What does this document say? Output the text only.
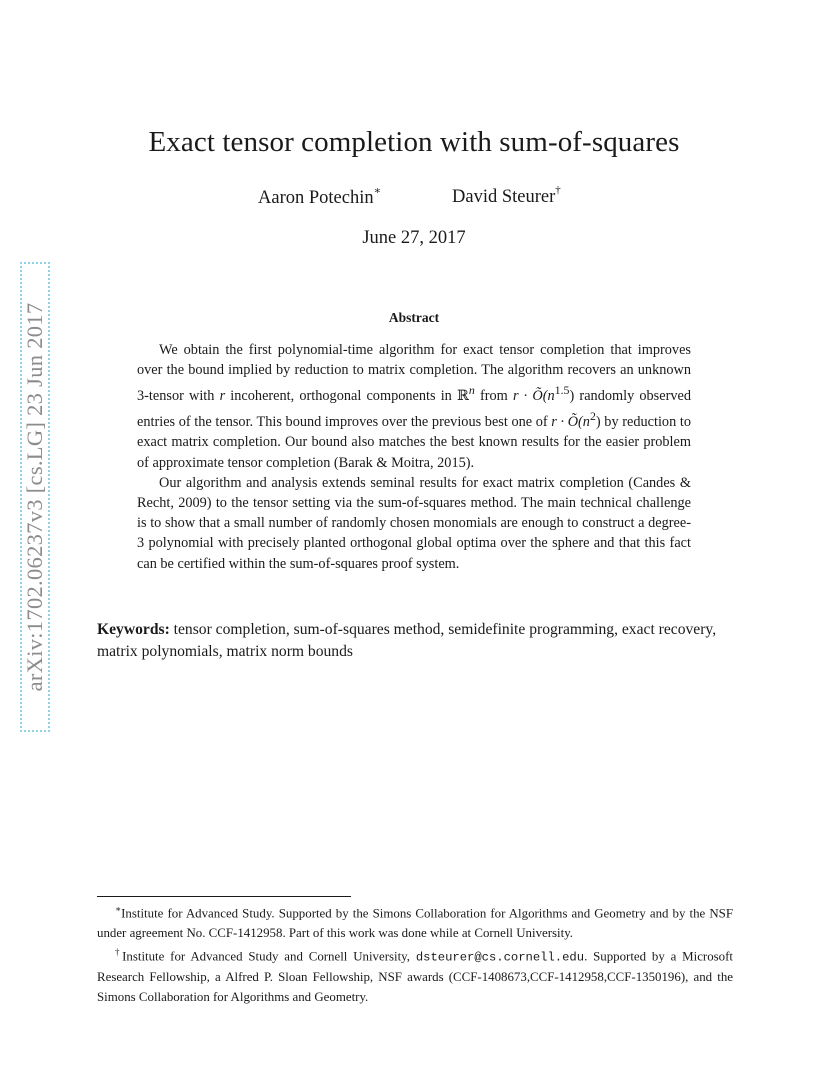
arXiv:1702.06237v3 [cs.LG] 23 Jun 2017
Exact tensor completion with sum-of-squares
Aaron Potechin∗	David Steurer†
June 27, 2017
Abstract

We obtain the first polynomial-time algorithm for exact tensor completion that improves over the bound implied by reduction to matrix completion. The algorithm recovers an unknown 3-tensor with r incoherent, orthogonal components in ℝ$^n$ from $r \cdot Õ(n^{1.5})$ randomly observed entries of the tensor. This bound improves over the previous best one of $r \cdot Õ(n^2)$ by reduction to exact matrix completion. Our bound also matches the best known results for the easier problem of approximate tensor completion (Barak & Moitra, 2015).

Our algorithm and analysis extends seminal results for exact matrix completion (Candes & Recht, 2009) to the tensor setting via the sum-of-squares method. The main technical challenge is to show that a small number of randomly chosen monomials are enough to construct a degree-3 polynomial with precisely planted orthogonal global optima over the sphere and that this fact can be certified within the sum-of-squares proof system.

Keywords: tensor completion, sum-of-squares method, semidefinite programming, exact recovery, matrix polynomials, matrix norm bounds

∗Institute for Advanced Study. Supported by the Simons Collaboration for Algorithms and Geometry and by the NSF under agreement No. CCF-1412958. Part of this work was done while at Cornell University.

†Institute for Advanced Study and Cornell University, dsteurer@cs.cornell.edu. Supported by a Microsoft Research Fellowship, a Alfred P. Sloan Fellowship, NSF awards (CCF-1408673,CCF-1412958,CCF-1350196), and the Simons Collaboration for Algorithms and Geometry.
